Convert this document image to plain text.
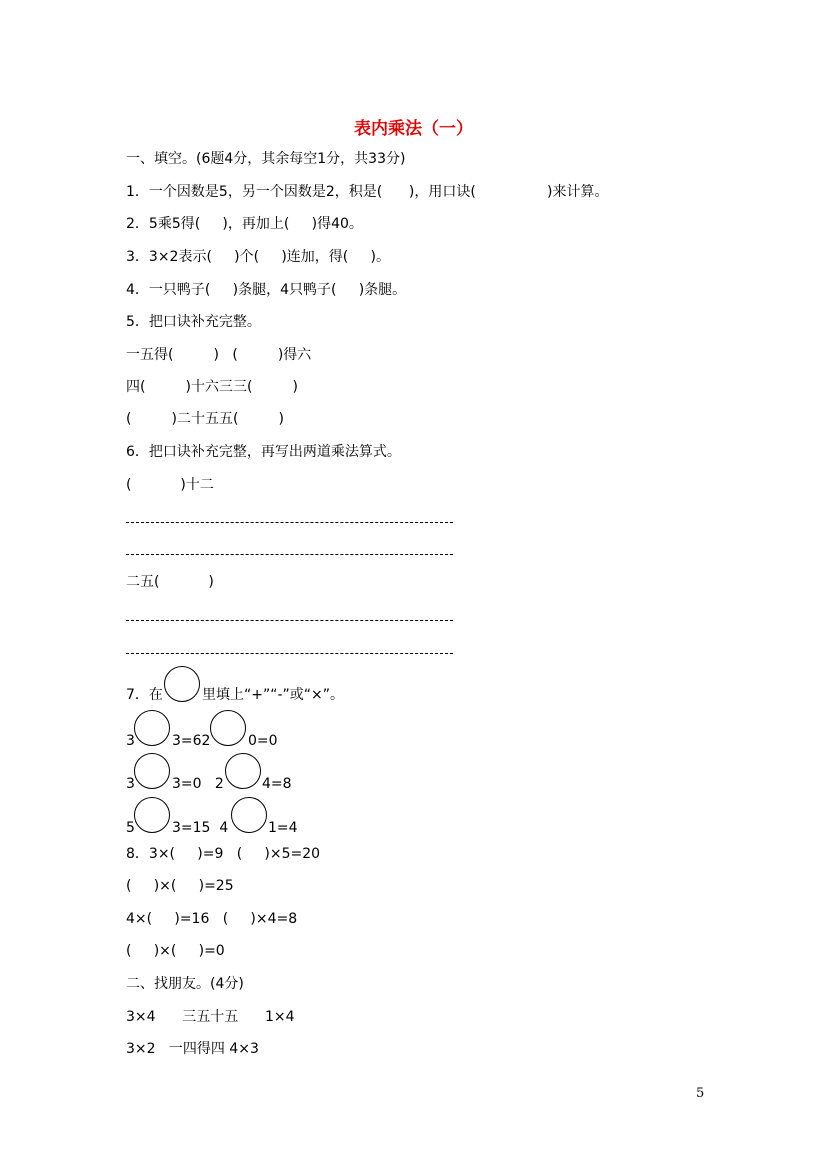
表内乘法（一）
一、填空。(6题4分，其余每空1分，共33分)
1．一个因数是5，另一个因数是2，积是(      )，用口诀(                )来计算。
2．5乘5得(     )，再加上(     )得40。
3．3×2表示(     )个(     )连加，得(     )。
4．一只鸭子(     )条腿，4只鸭子(     )条腿。
5．把口诀补充完整。
一五得(         )   (         )得六
四(         )十六三三(         )
(         )二十五五(         )
6．把口诀补充完整，再写出两道乘法算式。
(           )十二
二五(           )
7．在	里填上“+”“-”或“×”。
3	3=62	0=0
3	3=0   2	4=8
5	3=15  4	1=4
8．3×(     )=9   (     )×5=20
(     )×(     )=25
4×(     )=16   (     )×4=8
(     )×(     )=0
二、找朋友。(4分)
3×4      三五十五      1×4
3×2   一四得四 4×3
5
